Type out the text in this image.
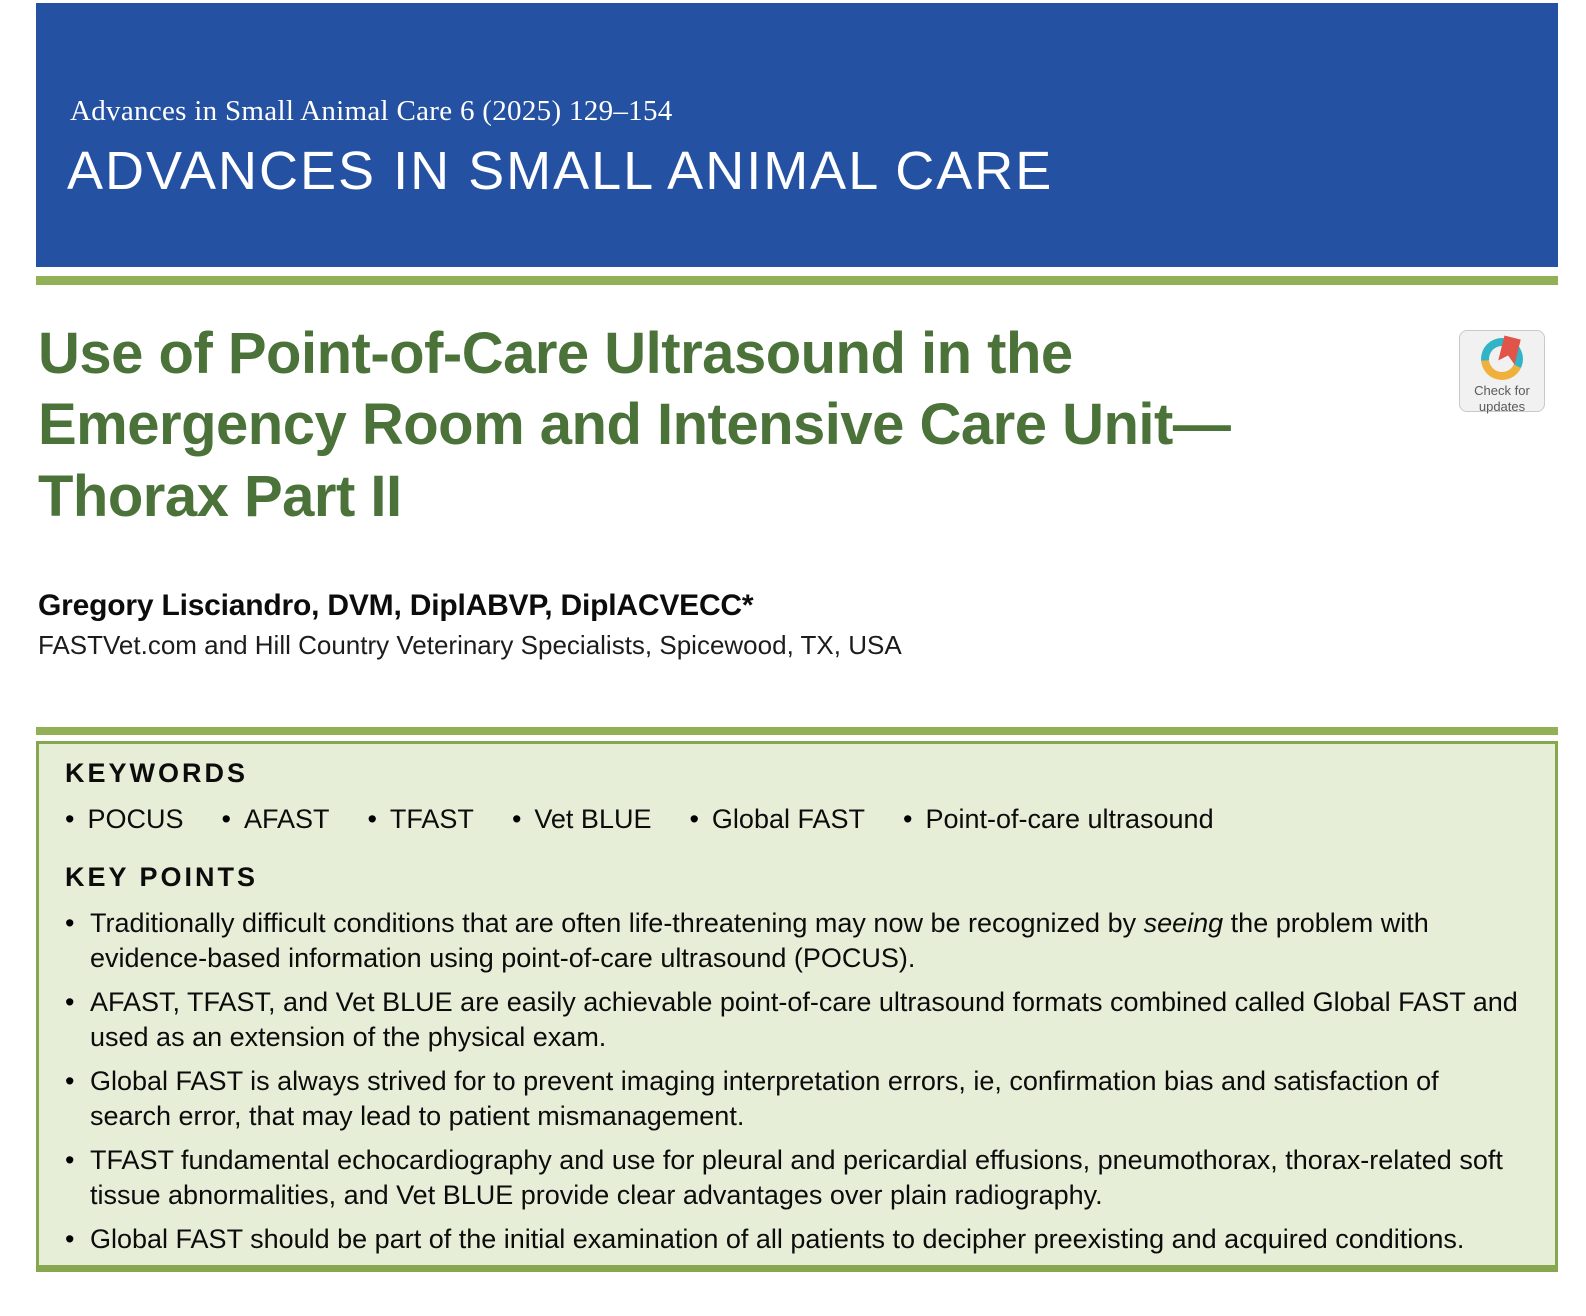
Advances in Small Animal Care 6 (2025) 129–154
ADVANCES IN SMALL ANIMAL CARE
Use of Point-of-Care Ultrasound in the Emergency Room and Intensive Care Unit—Thorax Part II
Check for
updates
Gregory Lisciandro, DVM, DiplABVP, DiplACVECC*
FASTVet.com and Hill Country Veterinary Specialists, Spicewood, TX, USA
KEYWORDS
• POCUS • AFAST • TFAST • Vet BLUE • Global FAST • Point-of-care ultrasound
KEY POINTS
• Traditionally difficult conditions that are often life-threatening may now be recognized by seeing the problem with evidence-based information using point-of-care ultrasound (POCUS).
• AFAST, TFAST, and Vet BLUE are easily achievable point-of-care ultrasound formats combined called Global FAST and used as an extension of the physical exam.
• Global FAST is always strived for to prevent imaging interpretation errors, ie, confirmation bias and satisfaction of search error, that may lead to patient mismanagement.
• TFAST fundamental echocardiography and use for pleural and pericardial effusions, pneumothorax, thorax-related soft tissue abnormalities, and Vet BLUE provide clear advantages over plain radiography.
• Global FAST should be part of the initial examination of all patients to decipher preexisting and acquired conditions.
